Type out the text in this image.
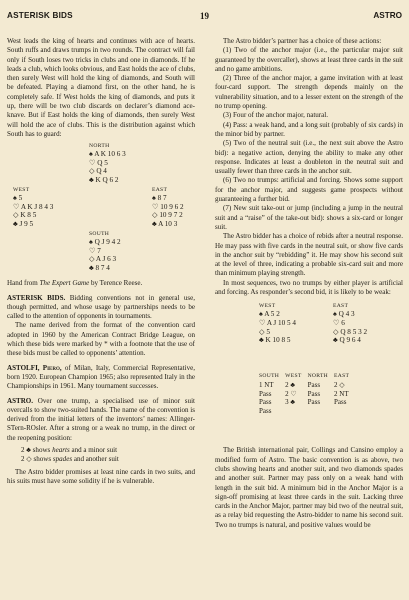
ASTERISK BIDS	19	ASTRO

West leads the king of hearts and continues with ace of hearts. South ruffs and draws trumps in two rounds. The contract will fail only if South loses two tricks in clubs and one in diamonds. If he leads a club, which looks obvious, and East holds the ace of clubs, then surely West will hold the king of diamonds, and South will be defeated. Playing a diamond first, on the other hand, he is completely safe. If West holds the king of diamonds, and puts it up, there will be two club discards on declarer’s diamond ace-knave. But if East holds the king of diamonds, then surely West will hold the ace of clubs. This is the distribution against which South has to guard:

NORTH
♠ A K 10 6 3
♡ Q 5
◇ Q 4
♣ K Q 6 2
WEST
♠ 5
♡ A K J 8 4 3
◇ K 8 5
♣ J 9 5
EAST
♠ 8 7
♡ 10 9 6 2
◇ 10 9 7 2
♣ A 10 3
SOUTH
♠ Q J 9 4 2
♡ 7
◇ A J 6 3
♣ 8 7 4

Hand from The Expert Game by Terence Reese.

ASTERISK BIDS. Bidding conventions not in general use, though permitted, and whose usage by partnerships needs to be called to the attention of opponents in tournaments.

The name derived from the format of the convention card adopted in 1960 by the American Contract Bridge League, on which these bids were marked by * with a footnote that the use of these bids must be called to opponents’ attention.

ASTOLFI, Piero, of Milan, Italy, Commercial Representative, born 1920. European Champion 1965; also represented Italy in the Championships in 1961. Many tournament successes.

ASTRO. Over one trump, a specialised use of minor suit overcalls to show two-suited hands. The name of the convention is derived from the initial letters of the inventors’ names: Allinger-STern-ROsler. After a strong or a weak no trump, in the direct or the reopening position:

2 ♣ shows hearts and a minor suit
2 ◇ shows spades and another suit

The Astro bidder promises at least nine cards in two suits, and his suits must have some solidity if he is vulnerable.

The Astro bidder’s partner has a choice of these actions:

(1) Two of the anchor major (i.e., the particular major suit guaranteed by the overcaller), shows at least three cards in the suit and no game ambitions.

(2) Three of the anchor major, a game invitation with at least four-card support. The strength depends mainly on the vulnerability situation, and to a lesser extent on the strength of the no trump opening.

(3) Four of the anchor major, natural.

(4) Pass: a weak hand, and a long suit (probably of six cards) in the minor bid by partner.

(5) Two of the neutral suit (i.e., the next suit above the Astro bid): a negative action, denying the ability to make any other response. Indicates at least a doubleton in the neutral suit and usually fewer than three cards in the anchor suit.

(6) Two no trumps: artificial and forcing. Shows some support for the anchor major, and suggests game prospects without guaranteeing a further bid.

(7) New suit take-out or jump (including a jump in the neutral suit and a “raise” of the take-out bid): shows a six-card or longer suit.

The Astro bidder has a choice of rebids after a neutral response. He may pass with five cards in the neutral suit, or show five cards in the anchor suit by “rebidding” it. He may show his second suit at the level of three, indicating a probable six-card suit and more than minimum playing strength.

In most sequences, two no trumps by either player is artificial and forcing. As responder’s second bid, it is likely to be weak:

WEST
♠ A 5 2
♡ A J 10 5 4
◇ 5
♣ K 10 8 5
EAST
♠ Q 4 3
♡ 6
◇ Q 8 5 3 2
♣ Q 9 6 4
SOUTH	WEST	NORTH	EAST
1 NT	2 ♣	Pass	2 ◇
Pass	2 ♡	Pass	2 NT
Pass	3 ♣	Pass	Pass
Pass			

The British international pair, Collings and Cansino employ a modified form of Astro. The basic convention is as above, two clubs showing hearts and another suit, and two diamonds spades and another suit. Partner may pass only on a weak hand with length in the suit bid. A minimum bid in the Anchor Major is a sign-off promising at least three cards in the suit. Lacking three cards in the Anchor Major, partner may bid two of the neutral suit, as a relay bid requesting the Astro-bidder to name his second suit. Two no trumps is natural, and positive values would be
